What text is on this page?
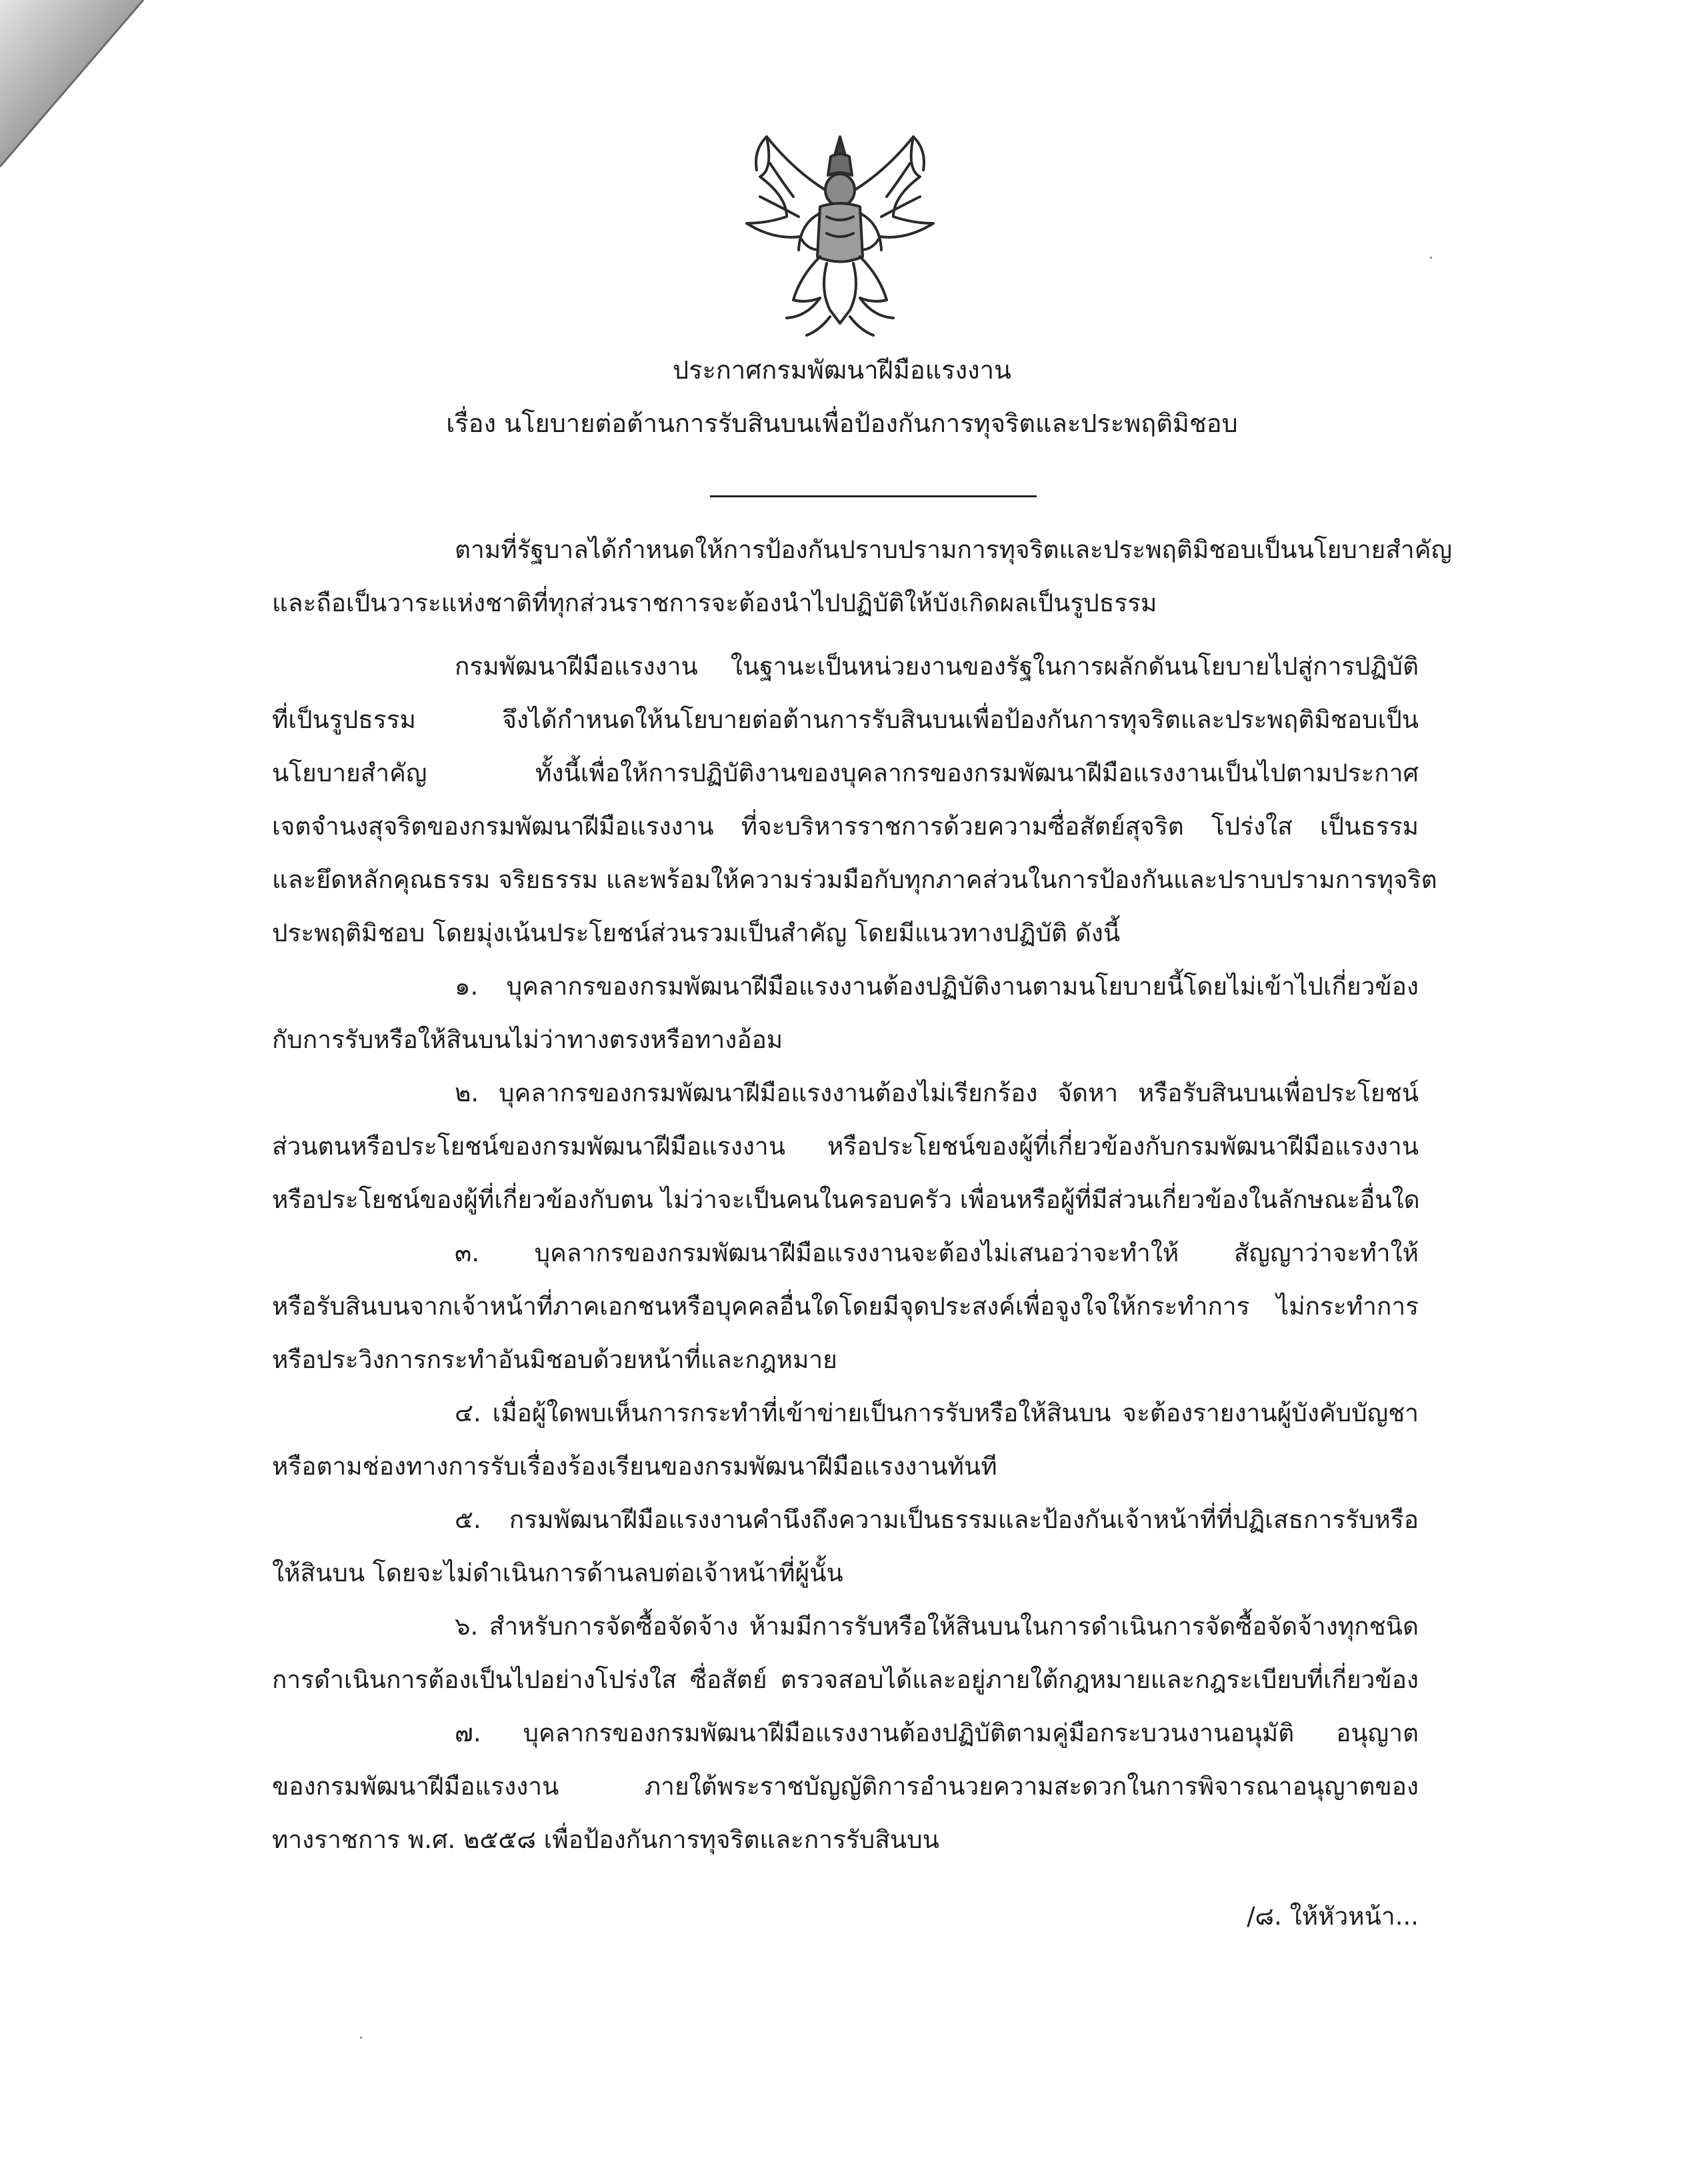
ประกาศกรมพัฒนาฝีมือแรงงาน
เรื่อง นโยบายต่อต้านการรับสินบนเพื่อป้องกันการทุจริตและประพฤติมิชอบ
ตามที่รัฐบาลได้กำหนดให้การป้องกันปราบปรามการทุจริตและประพฤติมิชอบเป็นนโยบายสำคัญ
และถือเป็นวาระแห่งชาติที่ทุกส่วนราชการจะต้องนำไปปฏิบัติให้บังเกิดผลเป็นรูปธรรม
กรมพัฒนาฝีมือแรงงาน ในฐานะเป็นหน่วยงานของรัฐในการผลักดันนโยบายไปสู่การปฏิบัติ
ที่เป็นรูปธรรม จึงได้กำหนดให้นโยบายต่อต้านการรับสินบนเพื่อป้องกันการทุจริตและประพฤติมิชอบเป็น
นโยบายสำคัญ ทั้งนี้เพื่อให้การปฏิบัติงานของบุคลากรของกรมพัฒนาฝีมือแรงงานเป็นไปตามประกาศ
เจตจำนงสุจริตของกรมพัฒนาฝีมือแรงงาน ที่จะบริหารราชการด้วยความซื่อสัตย์สุจริต โปร่งใส เป็นธรรม
และยึดหลักคุณธรรม จริยธรรม และพร้อมให้ความร่วมมือกับทุกภาคส่วนในการป้องกันและปราบปรามการทุจริต
ประพฤติมิชอบ โดยมุ่งเน้นประโยชน์ส่วนรวมเป็นสำคัญ โดยมีแนวทางปฏิบัติ ดังนี้
๑. บุคลากรของกรมพัฒนาฝีมือแรงงานต้องปฏิบัติงานตามนโยบายนี้โดยไม่เข้าไปเกี่ยวข้อง
กับการรับหรือให้สินบนไม่ว่าทางตรงหรือทางอ้อม
๒. บุคลากรของกรมพัฒนาฝีมือแรงงานต้องไม่เรียกร้อง จัดหา หรือรับสินบนเพื่อประโยชน์
ส่วนตนหรือประโยชน์ของกรมพัฒนาฝีมือแรงงาน หรือประโยชน์ของผู้ที่เกี่ยวข้องกับกรมพัฒนาฝีมือแรงงาน
หรือประโยชน์ของผู้ที่เกี่ยวข้องกับตน ไม่ว่าจะเป็นคนในครอบครัว เพื่อนหรือผู้ที่มีส่วนเกี่ยวข้องในลักษณะอื่นใด
๓. บุคลากรของกรมพัฒนาฝีมือแรงงานจะต้องไม่เสนอว่าจะทำให้ สัญญาว่าจะทำให้
หรือรับสินบนจากเจ้าหน้าที่ภาคเอกชนหรือบุคคลอื่นใดโดยมีจุดประสงค์เพื่อจูงใจให้กระทำการ ไม่กระทำการ
หรือประวิงการกระทำอันมิชอบด้วยหน้าที่และกฎหมาย
๔. เมื่อผู้ใดพบเห็นการกระทำที่เข้าข่ายเป็นการรับหรือให้สินบน จะต้องรายงานผู้บังคับบัญชา
หรือตามช่องทางการรับเรื่องร้องเรียนของกรมพัฒนาฝีมือแรงงานทันที
๕. กรมพัฒนาฝีมือแรงงานคำนึงถึงความเป็นธรรมและป้องกันเจ้าหน้าที่ที่ปฏิเสธการรับหรือ
ให้สินบน โดยจะไม่ดำเนินการด้านลบต่อเจ้าหน้าที่ผู้นั้น
๖. สำหรับการจัดซื้อจัดจ้าง ห้ามมีการรับหรือให้สินบนในการดำเนินการจัดซื้อจัดจ้างทุกชนิด
การดำเนินการต้องเป็นไปอย่างโปร่งใส ซื่อสัตย์ ตรวจสอบได้และอยู่ภายใต้กฎหมายและกฎระเบียบที่เกี่ยวข้อง
๗. บุคลากรของกรมพัฒนาฝีมือแรงงานต้องปฏิบัติตามคู่มือกระบวนงานอนุมัติ อนุญาต
ของกรมพัฒนาฝีมือแรงงาน ภายใต้พระราชบัญญัติการอำนวยความสะดวกในการพิจารณาอนุญาตของ
ทางราชการ พ.ศ. ๒๕๕๘ เพื่อป้องกันการทุจริตและการรับสินบน
/๘. ให้หัวหน้า...
